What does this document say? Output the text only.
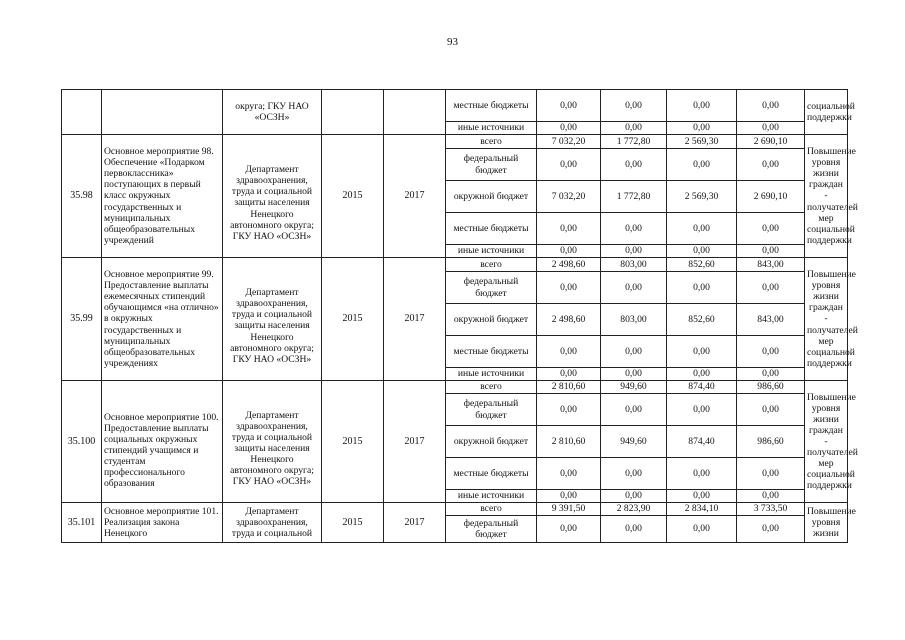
93
		округа; ГКУ НАО «ОСЗН»			местные бюджеты	0,00	0,00	0,00	0,00	социальной поддержки
					иные источники	0,00	0,00	0,00	0,00	
35.98	Основное мероприятие 98. Обеспечение «Подарком первоклассника» поступающих в первый класс окружных государственных и муниципальных общеобразовательных учреждений	Департамент здравоохранения, труда и социальной защиты населения Ненецкого автономного округа; ГКУ НАО «ОСЗН»	2015	2017	всего	7 032,20	1 772,80	2 569,30	2 690,10	Повышение уровня жизни граждан - получателей мер социальной поддержки
					федеральный бюджет	0,00	0,00	0,00	0,00	
					окружной бюджет	7 032,20	1 772,80	2 569,30	2 690,10	
					местные бюджеты	0,00	0,00	0,00	0,00	
					иные источники	0,00	0,00	0,00	0,00	
35.99	Основное мероприятие 99. Предоставление выплаты ежемесячных стипендий обучающимся «на отлично» в окружных государственных и муниципальных общеобразовательных учреждениях	Департамент здравоохранения, труда и социальной защиты населения Ненецкого автономного округа; ГКУ НАО «ОСЗН»	2015	2017	всего	2 498,60	803,00	852,60	843,00	Повышение уровня жизни граждан - получателей мер социальной поддержки
					федеральный бюджет	0,00	0,00	0,00	0,00	
					окружной бюджет	2 498,60	803,00	852,60	843,00	
					местные бюджеты	0,00	0,00	0,00	0,00	
					иные источники	0,00	0,00	0,00	0,00	
35.100	Основное мероприятие 100. Предоставление выплаты социальных окружных стипендий учащимся и студентам профессионального образования	Департамент здравоохранения, труда и социальной защиты населения Ненецкого автономного округа; ГКУ НАО «ОСЗН»	2015	2017	всего	2 810,60	949,60	874,40	986,60	Повышение уровня жизни граждан - получателей мер социальной поддержки
					федеральный бюджет	0,00	0,00	0,00	0,00	
					окружной бюджет	2 810,60	949,60	874,40	986,60	
					местные бюджеты	0,00	0,00	0,00	0,00	
					иные источники	0,00	0,00	0,00	0,00	
35.101	Основное мероприятие 101. Реализация закона Ненецкого	Департамент здравоохранения, труда и социальной	2015	2017	всего	9 391,50	2 823,90	2 834,10	3 733,50	Повышение уровня жизни
					федеральный бюджет	0,00	0,00	0,00	0,00	
